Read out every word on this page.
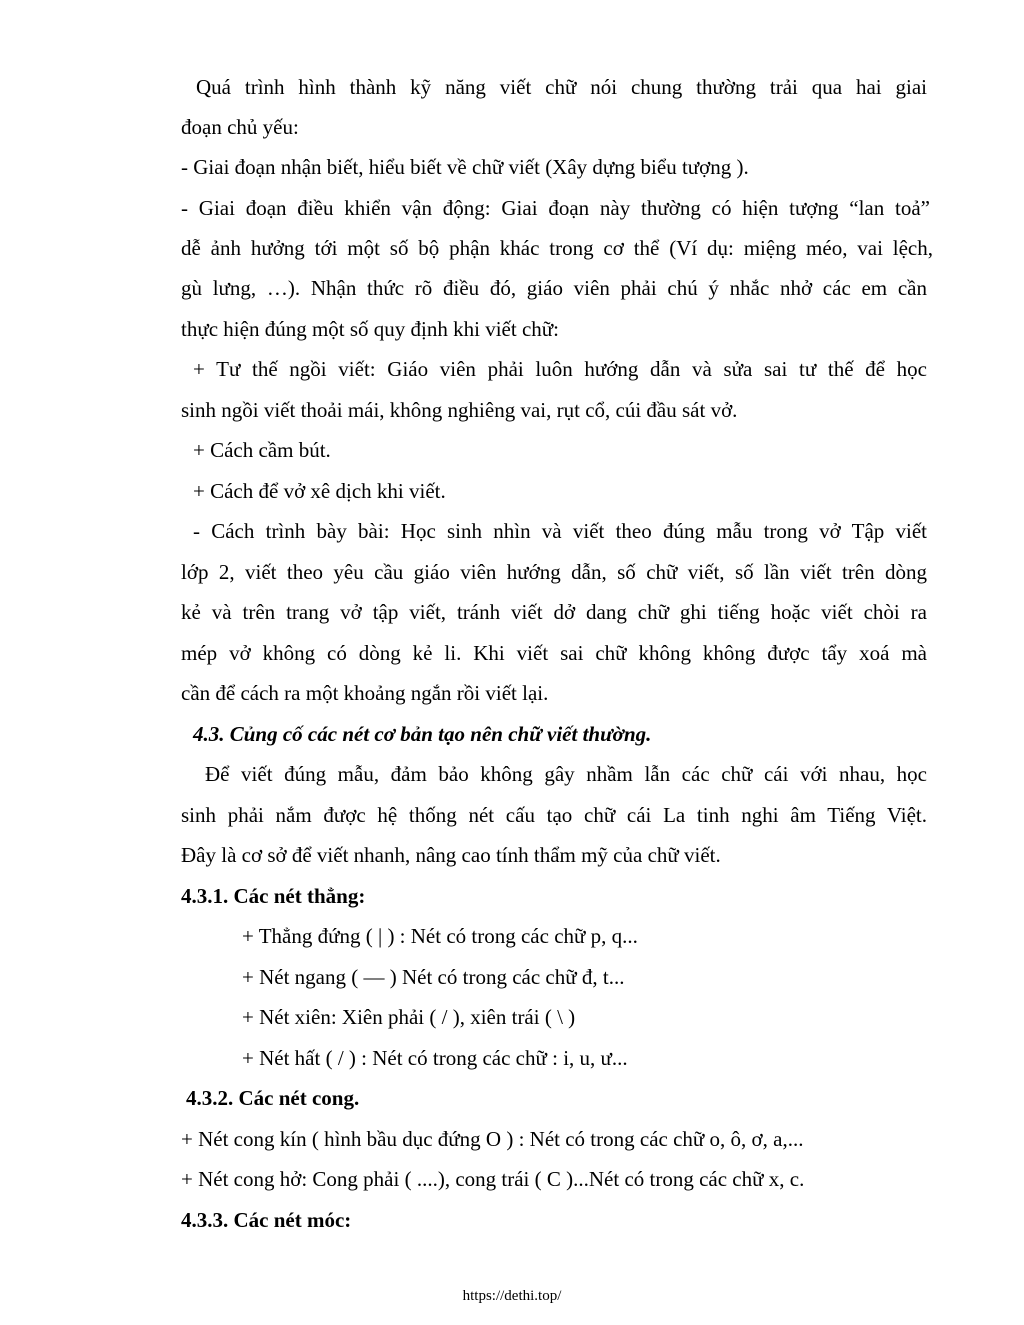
Quá trình hình thành kỹ năng viết chữ nói chung thường trải qua hai giai
đoạn chủ yếu:
- Giai đoạn nhận biết, hiểu biết về chữ viết (Xây dựng biểu tượng ).
- Giai đoạn điều khiển vận động: Giai đoạn này thường có hiện tượng “lan toả”
dễ ảnh hưởng tới một số bộ phận khác trong cơ thể (Ví dụ: miệng méo, vai lệch,
gù lưng, …). Nhận thức rõ điều đó, giáo viên phải chú ý nhắc nhở các em cần
thực hiện đúng một số quy định khi viết chữ:
+ Tư thế ngồi viết: Giáo viên phải luôn hướng dẫn và sửa sai tư thế để học
sinh ngồi viết thoải mái, không nghiêng vai, rụt cổ, cúi đầu sát vở.
+ Cách cầm bút.
+ Cách để vở xê dịch khi viết.
- Cách trình bày bài: Học sinh nhìn và viết theo đúng mẫu trong vở Tập viết
lớp 2, viết theo yêu cầu giáo viên hướng dẫn, số chữ viết, số lần viết trên dòng
kẻ và trên trang vở tập viết, tránh viết dở dang chữ ghi tiếng hoặc viết chòi ra
mép vở không có dòng kẻ li. Khi viết sai chữ không không được tẩy xoá mà
cần để cách ra một khoảng ngắn rồi viết lại.
4.3. Củng cố các nét cơ bản tạo nên chữ viết thường.
Để viết đúng mẫu, đảm bảo không gây nhầm lẫn các chữ cái với nhau, học
sinh phải nắm được hệ thống nét cấu tạo chữ cái La tinh nghi âm Tiếng Việt.
Đây là cơ sở để viết nhanh, nâng cao tính thẩm mỹ của chữ viết.
4.3.1. Các nét thẳng:
+ Thẳng đứng ( | ) : Nét có trong các chữ p, q...
+ Nét ngang ( — ) Nét có trong các chữ đ, t...
+ Nét xiên: Xiên phải ( / ), xiên trái ( \ )
+ Nét hất ( / ) : Nét có trong các chữ : i, u, ư...
4.3.2. Các nét cong.
+ Nét cong kín ( hình bầu dục đứng O ) : Nét có trong các chữ o, ô, ơ, a,...
+ Nét cong hở: Cong phải ( ....), cong trái ( C )...Nét có trong các chữ x, c.
4.3.3. Các nét móc:
https://dethi.top/
